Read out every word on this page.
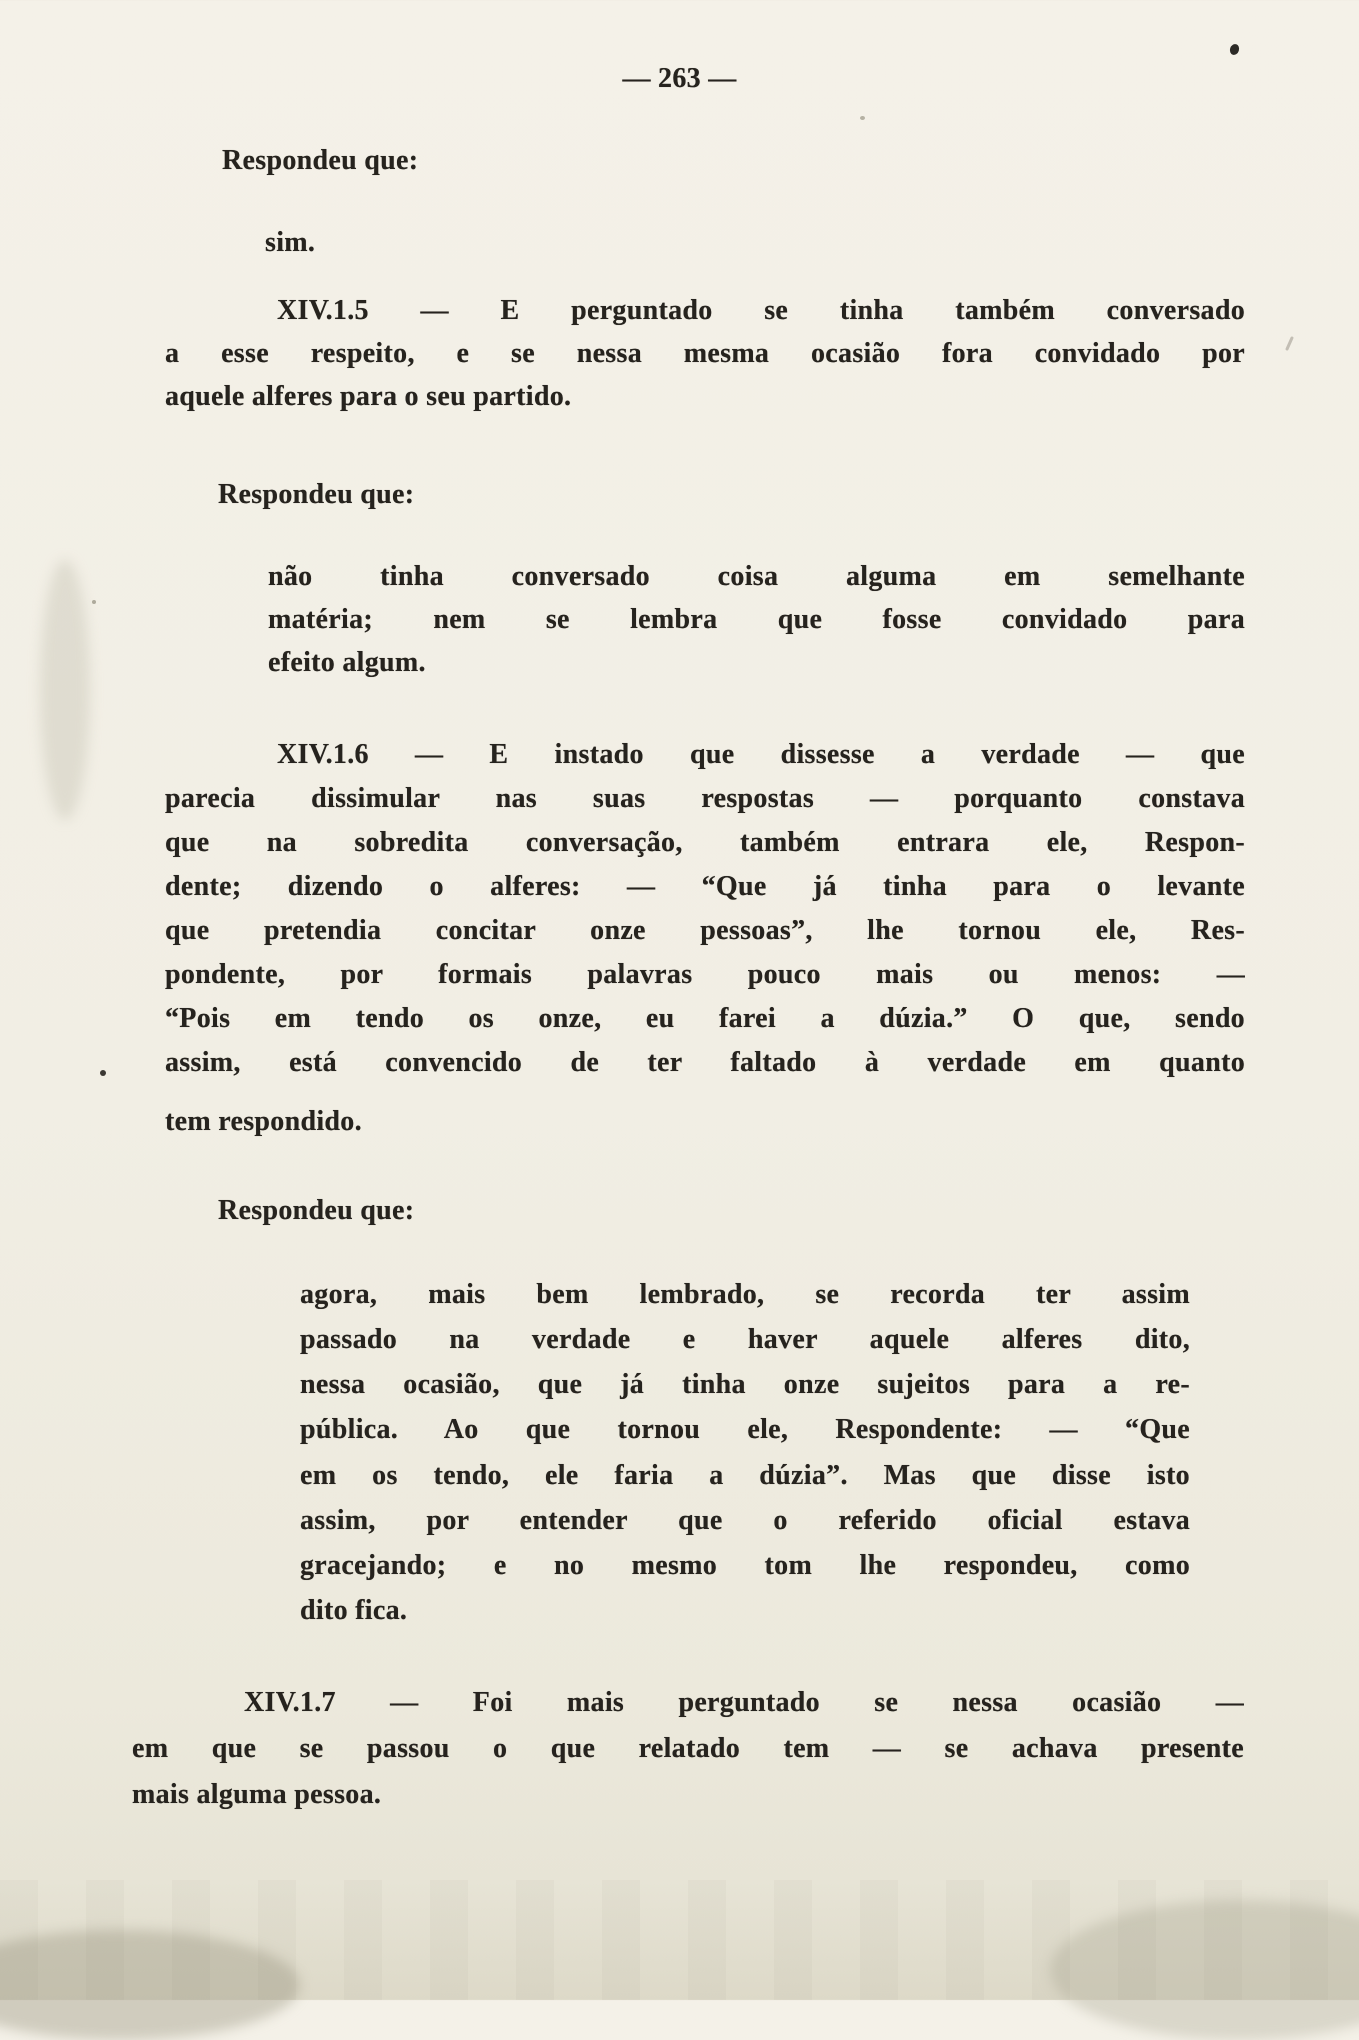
— 263 —
Respondeu que:
sim.
XIV.1.5 — E perguntado se tinha também conversado
a esse respeito, e se nessa mesma ocasião fora convidado por
aquele alferes para o seu partido.
Respondeu que:
não tinha conversado coisa alguma em semelhante
matéria; nem se lembra que fosse convidado para
efeito algum.
XIV.1.6 — E instado que dissesse a verdade — que
parecia dissimular nas suas respostas — porquanto constava
que na sobredita conversação, também entrara ele, Respon-
dente; dizendo o alferes: — “Que já tinha para o levante
que pretendia concitar onze pessoas”, lhe tornou ele, Res-
pondente, por formais palavras pouco mais ou menos: —
“Pois em tendo os onze, eu farei a dúzia.” O que, sendo
assim, está convencido de ter faltado à verdade em quanto
tem respondido.
Respondeu que:
agora, mais bem lembrado, se recorda ter assim
passado na verdade e haver aquele alferes dito,
nessa ocasião, que já tinha onze sujeitos para a re-
pública. Ao que tornou ele, Respondente: — “Que
em os tendo, ele faria a dúzia”. Mas que disse isto
assim, por entender que o referido oficial estava
gracejando; e no mesmo tom lhe respondeu, como
dito fica.
XIV.1.7 — Foi mais perguntado se nessa ocasião —
em que se passou o que relatado tem — se achava presente
mais alguma pessoa.
